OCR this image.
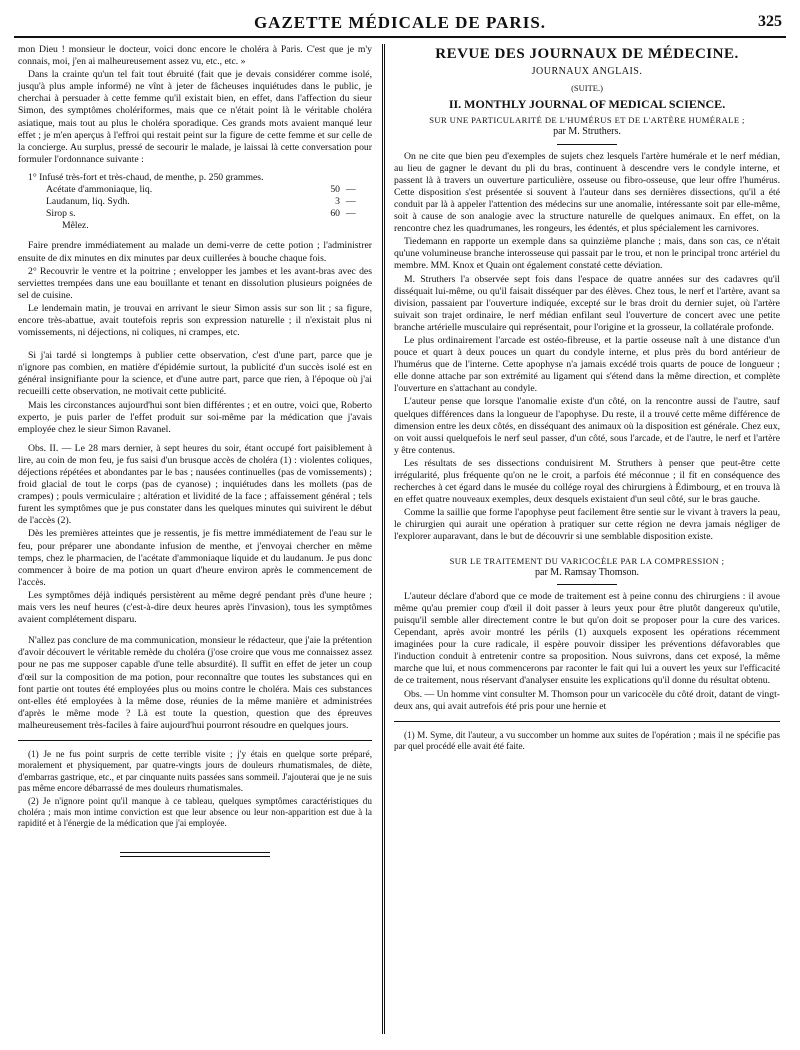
GAZETTE MÉDICALE DE PARIS.	325

mon Dieu ! monsieur le docteur, voici donc encore le choléra à Paris. C'est que je m'y connais, moi, j'en ai malheureusement assez vu, etc., etc. »

Dans la crainte qu'un tel fait tout ébruité (fait que je devais considérer comme isolé, jusqu'à plus ample informé) ne vînt à jeter de fâcheuses inquiétudes dans le public, je cherchai à persuader à cette femme qu'il existait bien, en effet, dans l'affection du sieur Simon, des symptômes cholériformes, mais que ce n'était point là le véritable choléra asiatique, mais tout au plus le choléra sporadique. Ces grands mots avaient manqué leur effet ; je m'en aperçus à l'effroi qui restait peint sur la figure de cette femme et sur celle de la concierge. Au surplus, pressé de secourir le malade, je laissai là cette conversation pour formuler l'ordonnance suivante :

1° Infusé très-fort et très-chaud, de menthe, p. 250 grammes.
Acétate d'ammoniaque, liq.	50 —
Laudanum, liq. Sydh.	3 —
Sirop s.	60 —
Mêlez.

Faire prendre immédiatement au malade un demi-verre de cette potion ; l'administrer ensuite de dix minutes en dix minutes par deux cuillerées à bouche chaque fois.

2° Recouvrir le ventre et la poitrine ; envelopper les jambes et les avant-bras avec des serviettes trempées dans une eau bouillante et tenant en dissolution plusieurs poignées de sel de cuisine.

Le lendemain matin, je trouvai en arrivant le sieur Simon assis sur son lit ; sa figure, encore très-abattue, avait toutefois repris son expression naturelle ; il n'existait plus ni vomissements, ni déjections, ni coliques, ni crampes, etc.

Si j'ai tardé si longtemps à publier cette observation, c'est d'une part, parce que je n'ignore pas combien, en matière d'épidémie surtout, la publicité d'un succès isolé est en général insignifiante pour la science, et d'une autre part, parce que rien, à l'époque où j'ai recueilli cette observation, ne motivait cette publicité.

Mais les circonstances aujourd'hui sont bien différentes ; et en outre, voici que, Roberto experto, je puis parler de l'effet produit sur soi-même par la médication que j'avais employée chez le sieur Simon Ravanel.

Obs. II. — Le 28 mars dernier, à sept heures du soir, étant occupé fort paisiblement à lire, au coin de mon feu, je fus saisi d'un brusque accès de choléra (1) : violentes coliques, déjections répétées et abondantes par le bas ; nausées continuelles (pas de vomissements) ; froid glacial de tout le corps (pas de cyanose) ; inquiétudes dans les mollets (pas de crampes) ; pouls vermiculaire ; altération et lividité de la face ; affaissement général ; tels furent les symptômes que je pus constater dans les quelques minutes qui suivirent le début de l'accès (2).

Dès les premières atteintes que je ressentis, je fis mettre immédiatement de l'eau sur le feu, pour préparer une abondante infusion de menthe, et j'envoyai chercher en même temps, chez le pharmacien, de l'acétate d'ammoniaque liquide et du laudanum. Je pus donc commencer à boire de ma potion un quart d'heure environ après le commencement de l'accès.

Les symptômes déjà indiqués persistèrent au même degré pendant près d'une heure ; mais vers les neuf heures (c'est-à-dire deux heures après l'invasion), tous les symptômes avaient complétement disparu.

N'allez pas conclure de ma communication, monsieur le rédacteur, que j'aie la prétention d'avoir découvert le véritable remède du choléra (j'ose croire que vous me connaissez assez pour ne pas me supposer capable d'une telle absurdité). Il suffit en effet de jeter un coup d'œil sur la composition de ma potion, pour reconnaître que toutes les substances qui en font partie ont toutes été employées plus ou moins contre le choléra. Mais ces substances ont-elles été employées à la même dose, réunies de la même manière et administrées d'après le même mode ? Là est toute la question, question que des épreuves malheureusement très-faciles à faire aujourd'hui pourront résoudre en quelques jours.

(1) Je ne fus point surpris de cette terrible visite ; j'y étais en quelque sorte préparé, moralement et physiquement, par quatre-vingts jours de douleurs rhumatismales, de diète, d'embarras gastrique, etc., et par cinquante nuits passées sans sommeil. J'ajouterai que je ne suis pas même encore débarrassé de mes douleurs rhumatismales.

(2) Je n'ignore point qu'il manque à ce tableau, quelques symptômes caractéristiques du choléra ; mais mon intime conviction est que leur absence ou leur non-apparition est due à la rapidité et à l'énergie de la médication que j'ai employée.

REVUE DES JOURNAUX DE MÉDECINE.
JOURNAUX ANGLAIS.
(SUITE.)
II. MONTHLY JOURNAL OF MEDICAL SCIENCE.
SUR UNE PARTICULARITÉ DE L'HUMÉRUS ET DE L'ARTÈRE HUMÉRALE ;
par M. Struthers.

On ne cite que bien peu d'exemples de sujets chez lesquels l'artère humérale et le nerf médian, au lieu de gagner le devant du pli du bras, continuent à descendre vers le condyle interne, et passent là à travers un ouverture particulière, osseuse ou fibro-osseuse, que leur offre l'humérus. Cette disposition s'est présentée si souvent à l'auteur dans ses dernières dissections, qu'il a été conduit par là à appeler l'attention des médecins sur une anomalie, intéressante soit par elle-même, soit à cause de son analogie avec la structure naturelle de quelques animaux. En effet, on la rencontre chez les quadrumanes, les rongeurs, les édentés, et plus spécialement les carnivores.

Tiedemann en rapporte un exemple dans sa quinzième planche ; mais, dans son cas, ce n'était qu'une volumineuse branche interosseuse qui passait par le trou, et non le principal tronc artériel du membre. MM. Knox et Quain ont également constaté cette déviation.

M. Struthers l'a observée sept fois dans l'espace de quatre années sur des cadavres qu'il disséquait lui-même, ou qu'il faisait disséquer par des élèves. Chez tous, le nerf et l'artère, avant sa division, passaient par l'ouverture indiquée, excepté sur le bras droit du dernier sujet, où l'artère suivait son trajet ordinaire, le nerf médian enfilant seul l'ouverture de concert avec une petite branche artérielle musculaire qui représentait, pour l'origine et la grosseur, la collatérale profonde.

Le plus ordinairement l'arcade est ostéo-fibreuse, et la partie osseuse naît à une distance d'un pouce et quart à deux pouces un quart du condyle interne, et plus près du bord antérieur de l'humérus que de l'interne. Cette apophyse n'a jamais excédé trois quarts de pouce de longueur ; elle donne attache par son extrémité au ligament qui s'étend dans la même direction, et complète l'ouverture en s'attachant au condyle.

L'auteur pense que lorsque l'anomalie existe d'un côté, on la rencontre aussi de l'autre, sauf quelques différences dans la longueur de l'apophyse. Du reste, il a trouvé cette même différence de dimension entre les deux côtés, en disséquant des animaux où la disposition est générale. Chez eux, on voit aussi quelquefois le nerf seul passer, d'un côté, sous l'arcade, et de l'autre, le nerf et l'artère y être contenus.

Les résultats de ses dissections conduisirent M. Struthers à penser que peut-être cette irrégularité, plus fréquente qu'on ne le croit, a parfois été méconnue ; il fit en conséquence des recherches à cet égard dans le musée du collége royal des chirurgiens à Édimbourg, et en trouva là en effet quatre nouveaux exemples, deux desquels existaient d'un seul côté, sur le bras gauche.

Comme la saillie que forme l'apophyse peut facilement être sentie sur le vivant à travers la peau, le chirurgien qui aurait une opération à pratiquer sur cette région ne devra jamais négliger de l'explorer auparavant, dans le but de découvrir si une semblable disposition existe.

SUR LE TRAITEMENT DU VARICOCÈLE PAR LA COMPRESSION ;
par M. Ramsay Thomson.

L'auteur déclare d'abord que ce mode de traitement est à peine connu des chirurgiens : il avoue même qu'au premier coup d'œil il doit passer à leurs yeux pour être plutôt dangereux qu'utile, puisqu'il semble aller directement contre le but qu'on doit se proposer pour la cure des varices. Cependant, après avoir montré les périls (1) auxquels exposent les opérations récemment imaginées pour la cure radicale, il espère pouvoir dissiper les préventions défavorables que l'induction conduit à entretenir contre sa proposition. Nous suivrons, dans cet exposé, la même marche que lui, et nous commencerons par raconter le fait qui lui a ouvert les yeux sur l'efficacité de ce traitement, nous réservant d'analyser ensuite les explications qu'il donne du résultat obtenu.

Obs. — Un homme vint consulter M. Thomson pour un varicocèle du côté droit, datant de vingt-deux ans, qui avait autrefois été pris pour une hernie et

(1) M. Syme, dit l'auteur, a vu succomber un homme aux suites de l'opération ; mais il ne spécifie pas par quel procédé elle avait été faite.
